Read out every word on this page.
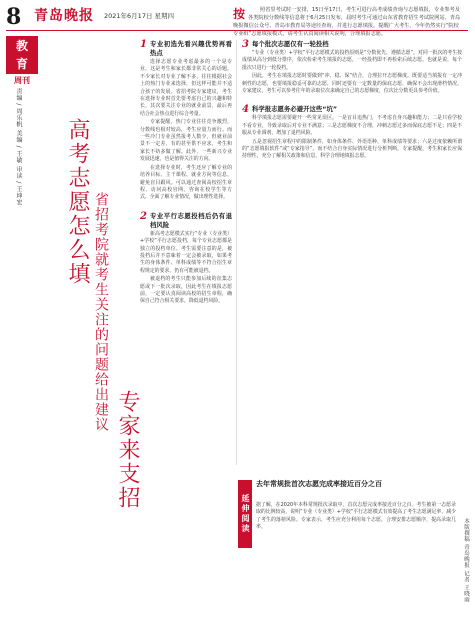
8 青岛晚报 2021年6月17日 星期四	按	照省里考试时一安排，15日至17日，考生可进行高考成绩查询与志愿填报，专业参考及各类院校分数线等信息将于6月25日发布，届时考生可通过山东省教育招生考试院网站、青岛晚报微信公众号、青岛市教育局等途径查询，并进行志愿填报。提醒广大考生，今年仍然实行“院校专业组”志愿填报模式，请考生认真阅读相关说明，合理填报志愿。
教
育
周刊
责编 / 周乐帆 美编 / 王敏 审读 / 王坤宏 高考志愿怎么填 省招考院就考生关注的问题给出建议
专家来支招
1 专业初选先看兴趣优势再看热点

选择志愿专业考虑最多的一个是专业，这是考生和家长都非常关心的话题。不少家长对专业了解不多，往往根据社会上的热门专业来选择，但这样可能并不适合孩子的发展。省招考院专家建议，考生在选择专业时首先要考虑自己的兴趣和特长，其次要关注专业的就业前景，最后再结合社会热点进行综合考量。

专家提醒，热门专业往往竞争激烈，分数线也相对较高，考生应量力而行。而一些冷门专业虽然报考人数少，但就业前景不一定差，有的甚至供不应求，考生和家长不妨多做了解。此外，一些新兴专业发展迅速，也是值得关注的方向。

在选择专业时，考生还应了解专业的培养目标、主干课程、就业方向等信息，避免盲目跟风。可以通过查阅高校招生章程、访问高校官网、咨询在校学生等方式，全面了解专业情况，做出理性选择。

2 专业平行志愿投档后仍有退档风险

新高考志愿模式实行“专业（专业类）+学校”平行志愿投档，每个专业志愿都是独立的投档单位。考生需要注意的是，被投档后并不意味着一定会被录取，如果考生的身体条件、单科成绩等不符合招生章程规定的要求，仍有可能被退档。

被退档的考生只能参加后续的征集志愿或下一批次录取，因此考生在填报志愿前，一定要认真阅读高校的招生章程，确保自己符合相关要求，降低退档风险。

3 每个批次志愿仅有一轮投档

“专业（专业类）+学校”平行志愿模式的投档原则是“分数优先、遵循志愿”。对同一批次的考生按成绩从高分到低分排序，依次检索考生填报的志愿，一经投档即不再检索后续志愿。也就是说，每个批次只进行一轮投档。

因此，考生在填报志愿时要做到“冲、稳、保”结合，合理拉开志愿梯度。既要适当填报有一定冲刺性的志愿，也要填报稳妥可靠的志愿，同时还要有一定数量的保底志愿，确保不会出现滑档情况。专家建议，考生可以参考往年的录取位次来确定自己的志愿梯度，位次比分数更具参考价值。

4 科学报志愿务必避开这些“坑”

科学填报志愿需要避开一些常见误区。一是盲目追热门，不考虑自身兴趣和能力；二是只看学校不看专业，导致录取后对专业不满意；三是志愿梯度不合理，冲刺志愿过多而保底志愿不足；四是不服从专业调剂，增加了退档风险。

五是忽视招生章程中的限制条件，如身体条件、外语语种、单科成绩等要求；六是过度依赖所谓的“志愿填报软件”或“专家指导”，而不结合自身实际情况进行分析判断。专家提醒，考生和家长应保持理性，充分了解相关政策和信息，科学合理地填报志愿。

延伸阅读
去年常规批首次志愿完成率接近百分之百
据了解，在2020年本科常规批次录取中，首次志愿完成率接近百分之百。考生被第一志愿录取的比例较高，说明“专业（专业类）+学校”平行志愿模式有效提高了考生志愿满足率，减少了考生的落榜风险。专家表示，考生应充分利用每个志愿，合理安排志愿顺序，提高录取几率。	本版撰稿 青岛晚报 记者 王晓雨
